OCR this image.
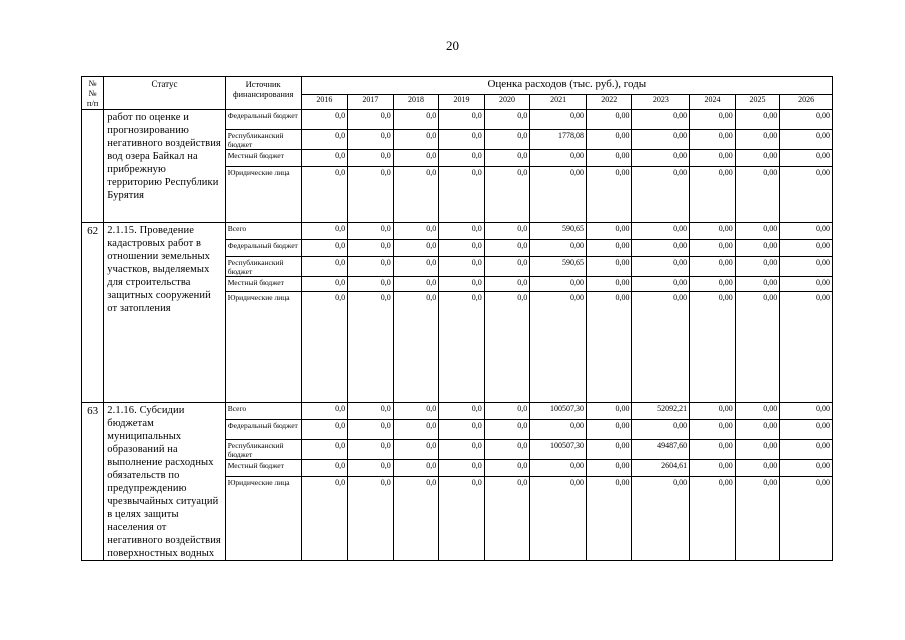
20
№
№
п/п	Статус	Источник
финансирования	Оценка расходов (тыс. руб.), годы										
			2016	2017	2018	2019	2020	2021	2022	2023	2024	2025	2026
	работ по оценке и прогнозированию негативного воздействия вод озера Байкал на прибрежную территорию Республики Бурятия	Федеральный бюджет	0,0	0,0	0,0	0,0	0,0	0,00	0,00	0,00	0,00	0,00	0,00
		Республиканский бюджет	0,0	0,0	0,0	0,0	0,0	1778,08	0,00	0,00	0,00	0,00	0,00
		Местный бюджет	0,0	0,0	0,0	0,0	0,0	0,00	0,00	0,00	0,00	0,00	0,00
		Юридические лица	0,0	0,0	0,0	0,0	0,0	0,00	0,00	0,00	0,00	0,00	0,00
62	2.1.15. Проведение кадастровых работ в отношении земельных участков, выделяемых для строительства защитных сооружений от затопления	Всего	0,0	0,0	0,0	0,0	0,0	590,65	0,00	0,00	0,00	0,00	0,00
		Федеральный бюджет	0,0	0,0	0,0	0,0	0,0	0,00	0,00	0,00	0,00	0,00	0,00
		Республиканский бюджет	0,0	0,0	0,0	0,0	0,0	590,65	0,00	0,00	0,00	0,00	0,00
		Местный бюджет	0,0	0,0	0,0	0,0	0,0	0,00	0,00	0,00	0,00	0,00	0,00
		Юридические лица	0,0	0,0	0,0	0,0	0,0	0,00	0,00	0,00	0,00	0,00	0,00
63	2.1.16. Субсидии бюджетам муниципальных образований на выполнение расходных обязательств по предупреждению чрезвычайных ситуаций в целях защиты населения от негативного воздействия поверхностных водных	Всего	0,0	0,0	0,0	0,0	0,0	100507,30	0,00	52092,21	0,00	0,00	0,00
		Федеральный бюджет	0,0	0,0	0,0	0,0	0,0	0,00	0,00	0,00	0,00	0,00	0,00
		Республиканский бюджет	0,0	0,0	0,0	0,0	0,0	100507,30	0,00	49487,60	0,00	0,00	0,00
		Местный бюджет	0,0	0,0	0,0	0,0	0,0	0,00	0,00	2604,61	0,00	0,00	0,00
		Юридические лица	0,0	0,0	0,0	0,0	0,0	0,00	0,00	0,00	0,00	0,00	0,00
